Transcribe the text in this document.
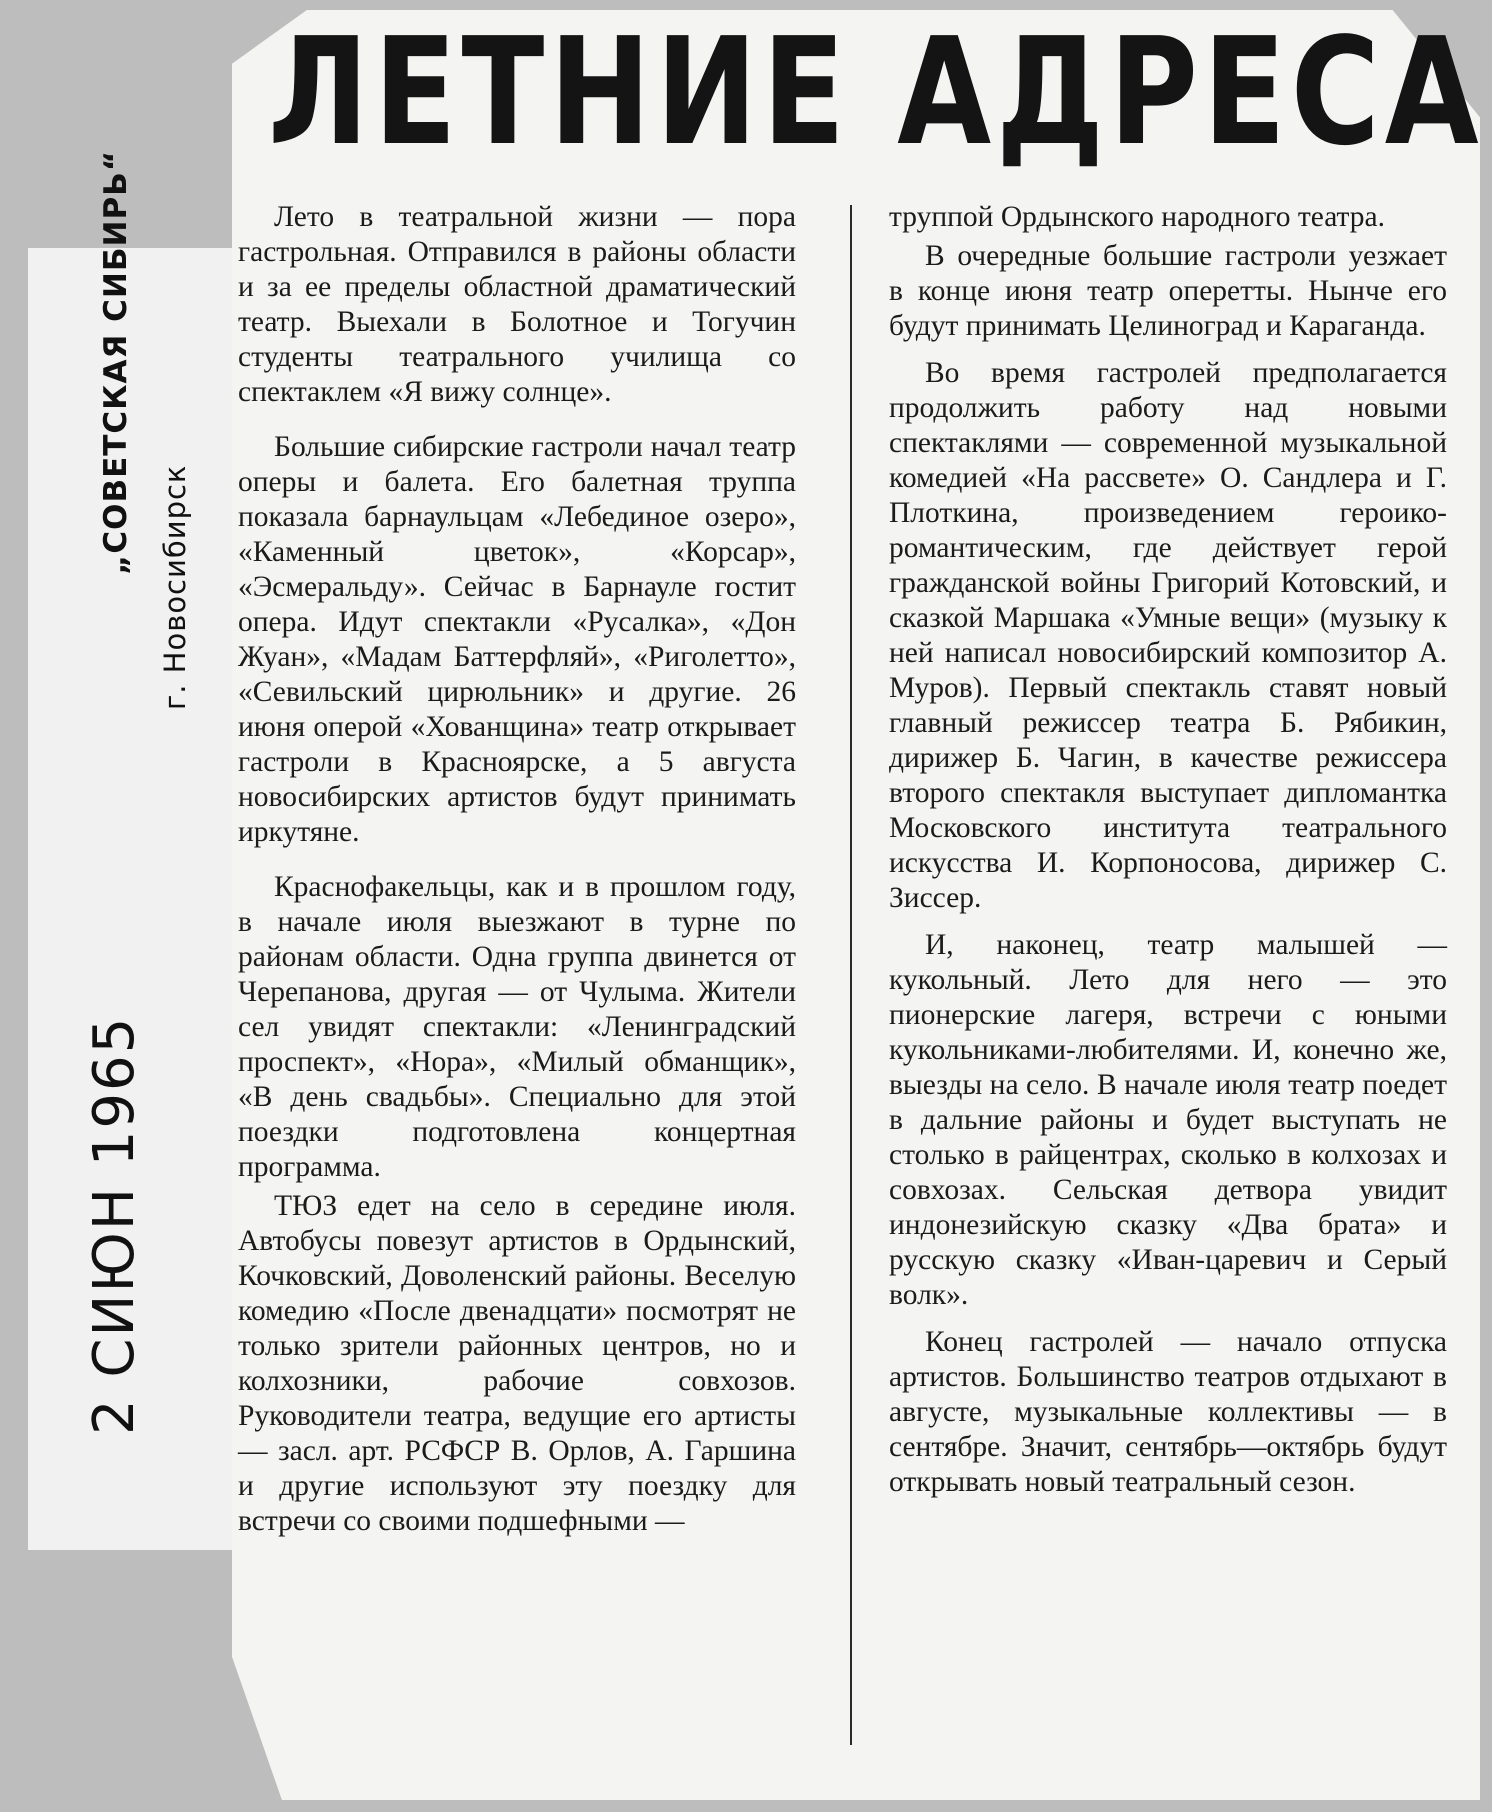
„СОВЕТСКАЯ СИБИРЬ“
г. Новосибирск
2 СИЮН 1965
ЛЕТНИЕ АДРЕСА

Лето в театральной жизни — пора гастрольная. Отправился в районы области и за ее пределы областной драматический театр. Выехали в Болотное и Тогучин студенты театрального училища со спектаклем «Я вижу солнце».

Большие сибирские гастроли начал театр оперы и балета. Его балетная труппа показала барнаульцам «Лебединое озеро», «Каменный цветок», «Корсар», «Эсмеральду». Сейчас в Барнауле гостит опера. Идут спектакли «Русалка», «Дон Жуан», «Мадам Баттерфляй», «Риголетто», «Севильский цирюльник» и другие. 26 июня оперой «Хованщина» театр открывает гастроли в Красноярске, а 5 августа новосибирских артистов будут принимать иркутяне.

Краснофакельцы, как и в прошлом году, в начале июля выезжают в турне по районам области. Одна группа двинется от Черепанова, другая — от Чулыма. Жители сел увидят спектакли: «Ленинградский проспект», «Нора», «Милый обманщик», «В день свадьбы». Специально для этой поездки подготовлена концертная программа.

ТЮЗ едет на село в середине июля. Автобусы повезут артистов в Ордынский, Кочковский, Доволенский районы. Веселую комедию «После двенадцати» посмотрят не только зрители районных центров, но и колхозники, рабочие совхозов. Руководители театра, ведущие его артисты — засл. арт. РСФСР В. Орлов, А. Гаршина и другие используют эту поездку для встречи со своими подшефными —

труппой Ордынского народного театра.

В очередные большие гастроли уезжает в конце июня театр оперетты. Нынче его будут принимать Целиноград и Караганда.

Во время гастролей предполагается продолжить работу над новыми спектаклями — современной музыкальной комедией «На рассвете» О. Сандлера и Г. Плоткина, произведением героико-романтическим, где действует герой гражданской войны Григорий Котовский, и сказкой Маршака «Умные вещи» (музыку к ней написал новосибирский композитор А. Муров). Первый спектакль ставят новый главный режиссер театра Б. Рябикин, дирижер Б. Чагин, в качестве режиссера второго спектакля выступает дипломантка Московского института театрального искусства И. Корпоносова, дирижер С. Зиссер.

И, наконец, театр малышей — кукольный. Лето для него — это пионерские лагеря, встречи с юными кукольниками-любителями. И, конечно же, выезды на село. В начале июля театр поедет в дальние районы и будет выступать не столько в райцентрах, сколько в колхозах и совхозах. Сельская детвора увидит индонезийскую сказку «Два брата» и русскую сказку «Иван-царевич и Серый волк».

Конец гастролей — начало отпуска артистов. Большинство театров отдыхают в августе, музыкальные коллективы — в сентябре. Значит, сентябрь—октябрь будут открывать новый театральный сезон.
